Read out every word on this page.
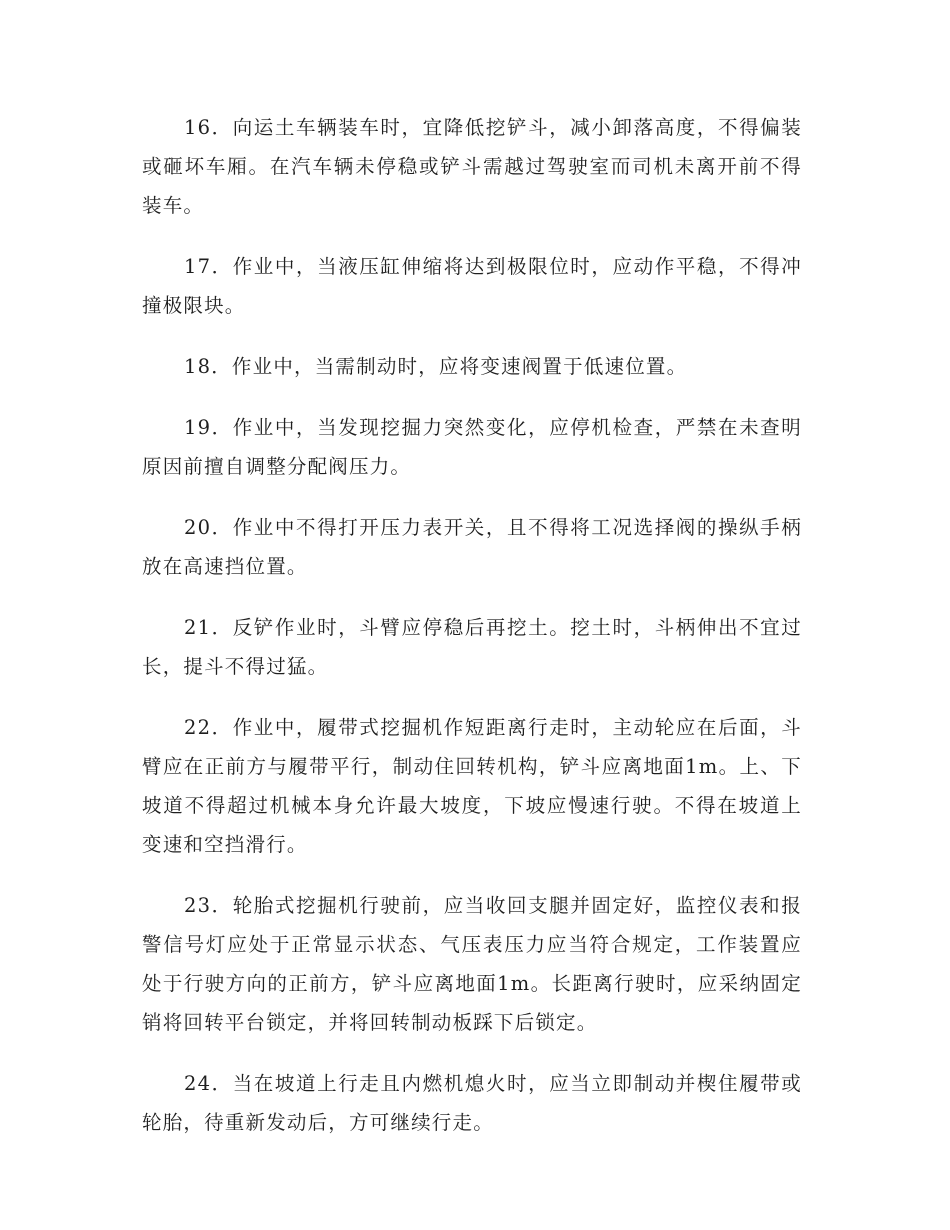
16．向运土车辆装车时，宜降低挖铲斗，减小卸落高度，不得偏装或砸坏车厢。在汽车辆未停稳或铲斗需越过驾驶室而司机未离开前不得装车。

17．作业中，当液压缸伸缩将达到极限位时，应动作平稳，不得冲撞极限块。

18．作业中，当需制动时，应将变速阀置于低速位置。

19．作业中，当发现挖掘力突然变化，应停机检查，严禁在未查明原因前擅自调整分配阀压力。

20．作业中不得打开压力表开关，且不得将工况选择阀的操纵手柄放在高速挡位置。

21．反铲作业时，斗臂应停稳后再挖土。挖土时，斗柄伸出不宜过长，提斗不得过猛。

22．作业中，履带式挖掘机作短距离行走时，主动轮应在后面，斗臂应在正前方与履带平行，制动住回转机构，铲斗应离地面1m。上、下坡道不得超过机械本身允许最大坡度，下坡应慢速行驶。不得在坡道上变速和空挡滑行。

23．轮胎式挖掘机行驶前，应当收回支腿并固定好，监控仪表和报警信号灯应处于正常显示状态、气压表压力应当符合规定，工作装置应处于行驶方向的正前方，铲斗应离地面1m。长距离行驶时，应采纳固定销将回转平台锁定，并将回转制动板踩下后锁定。

24．当在坡道上行走且内燃机熄火时，应当立即制动并楔住履带或轮胎，待重新发动后，方可继续行走。
